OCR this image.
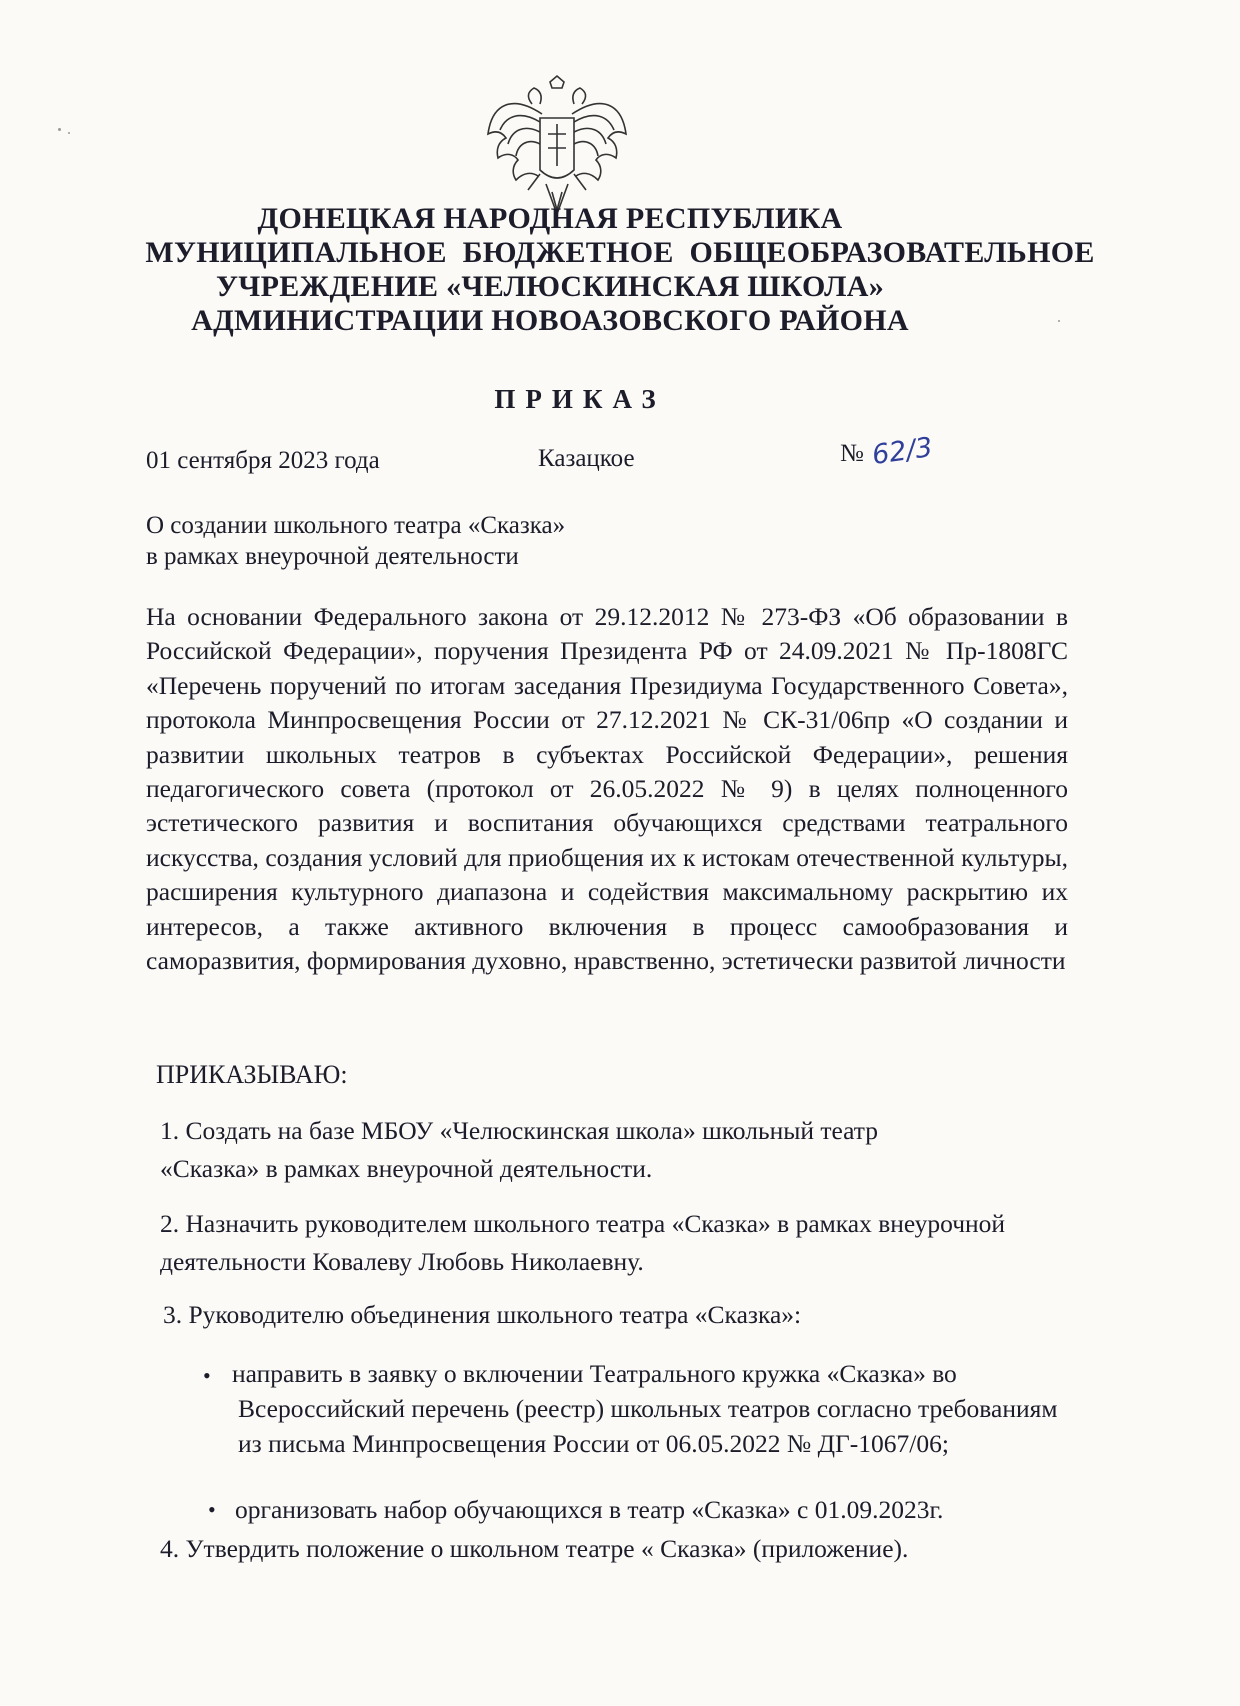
ДОНЕЦКАЯ НАРОДНАЯ РЕСПУБЛИКА
МУНИЦИПАЛЬНОЕ БЮДЖЕТНОЕ ОБЩЕОБРАЗОВАТЕЛЬНОЕ
УЧРЕЖДЕНИЕ «ЧЕЛЮСКИНСКАЯ ШКОЛА»
АДМИНИСТРАЦИИ НОВОАЗОВСКОГО РАЙОНА
ПРИКАЗ
01 сентября 2023 года	Казацкое	№ 62/3
О создании школьного театра «Сказка»
в рамках внеурочной деятельности
На основании Федерального закона от 29.12.2012 № 273-ФЗ «Об образовании в Российской Федерации», поручения Президента РФ от 24.09.2021 № Пр-1808ГС «Перечень поручений по итогам заседания Президиума Государственного Совета», протокола Минпросвещения России от 27.12.2021 № СК-31/06пр «О создании и развитии школьных театров в субъектах Российской Федерации», решения педагогического совета (протокол от 26.05.2022 № 9) в целях полноценного эстетического развития и воспитания обучающихся средствами театрального искусства, создания условий для приобщения их к истокам отечественной культуры, расширения культурного диапазона и содействия максимальному раскрытию их интересов, а также активного включения в процесс самообразования и саморазвития, формирования духовно, нравственно, эстетически развитой личности
ПРИКАЗЫВАЮ:
1. Создать на базе МБОУ «Челюскинская школа» школьный театр «Сказка» в рамках внеурочной деятельности.
2. Назначить руководителем школьного театра «Сказка» в рамках внеурочной деятельности Ковалеву Любовь Николаевну.
3. Руководителю объединения школьного театра «Сказка»:
• направить в заявку о включении Театрального кружка «Сказка» во Всероссийский перечень (реестр) школьных театров согласно требованиям из письма Минпросвещения России от 06.05.2022 № ДГ-1067/06;
• организовать набор обучающихся в театр «Сказка» с 01.09.2023г.
4. Утвердить положение о школьном театре « Сказка» (приложение).
